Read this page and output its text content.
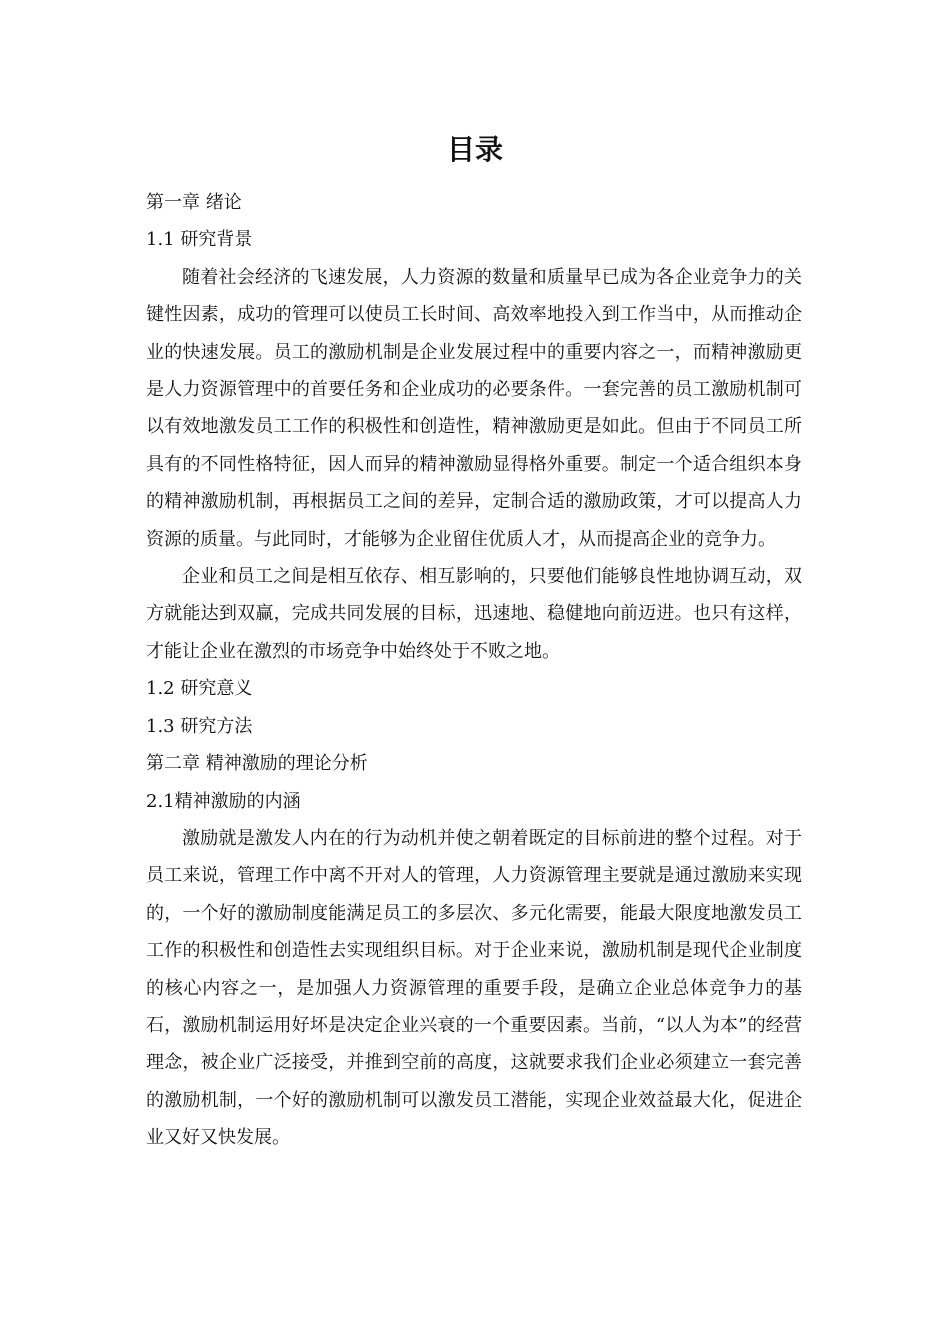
目录

第一章 绪论

1.1 研究背景

随着社会经济的飞速发展，人力资源的数量和质量早已成为各企业竞争力的关键性因素，成功的管理可以使员工长时间、高效率地投入到工作当中，从而推动企业的快速发展。员工的激励机制是企业发展过程中的重要内容之一，而精神激励更是人力资源管理中的首要任务和企业成功的必要条件。一套完善的员工激励机制可以有效地激发员工工作的积极性和创造性，精神激励更是如此。但由于不同员工所具有的不同性格特征，因人而异的精神激励显得格外重要。制定一个适合组织本身的精神激励机制，再根据员工之间的差异，定制合适的激励政策，才可以提高人力资源的质量。与此同时，才能够为企业留住优质人才，从而提高企业的竞争力。

企业和员工之间是相互依存、相互影响的，只要他们能够良性地协调互动，双方就能达到双赢，完成共同发展的目标，迅速地、稳健地向前迈进。也只有这样，才能让企业在激烈的市场竞争中始终处于不败之地。

1.2 研究意义

1.3 研究方法

第二章 精神激励的理论分析

2.1精神激励的内涵

激励就是激发人内在的行为动机并使之朝着既定的目标前进的整个过程。对于员工来说，管理工作中离不开对人的管理，人力资源管理主要就是通过激励来实现的，一个好的激励制度能满足员工的多层次、多元化需要，能最大限度地激发员工工作的积极性和创造性去实现组织目标。对于企业来说，激励机制是现代企业制度的核心内容之一，是加强人力资源管理的重要手段，是确立企业总体竞争力的基石，激励机制运用好坏是决定企业兴衰的一个重要因素。当前，“以人为本”的经营理念，被企业广泛接受，并推到空前的高度，这就要求我们企业必须建立一套完善的激励机制，一个好的激励机制可以激发员工潜能，实现企业效益最大化，促进企业又好又快发展。
